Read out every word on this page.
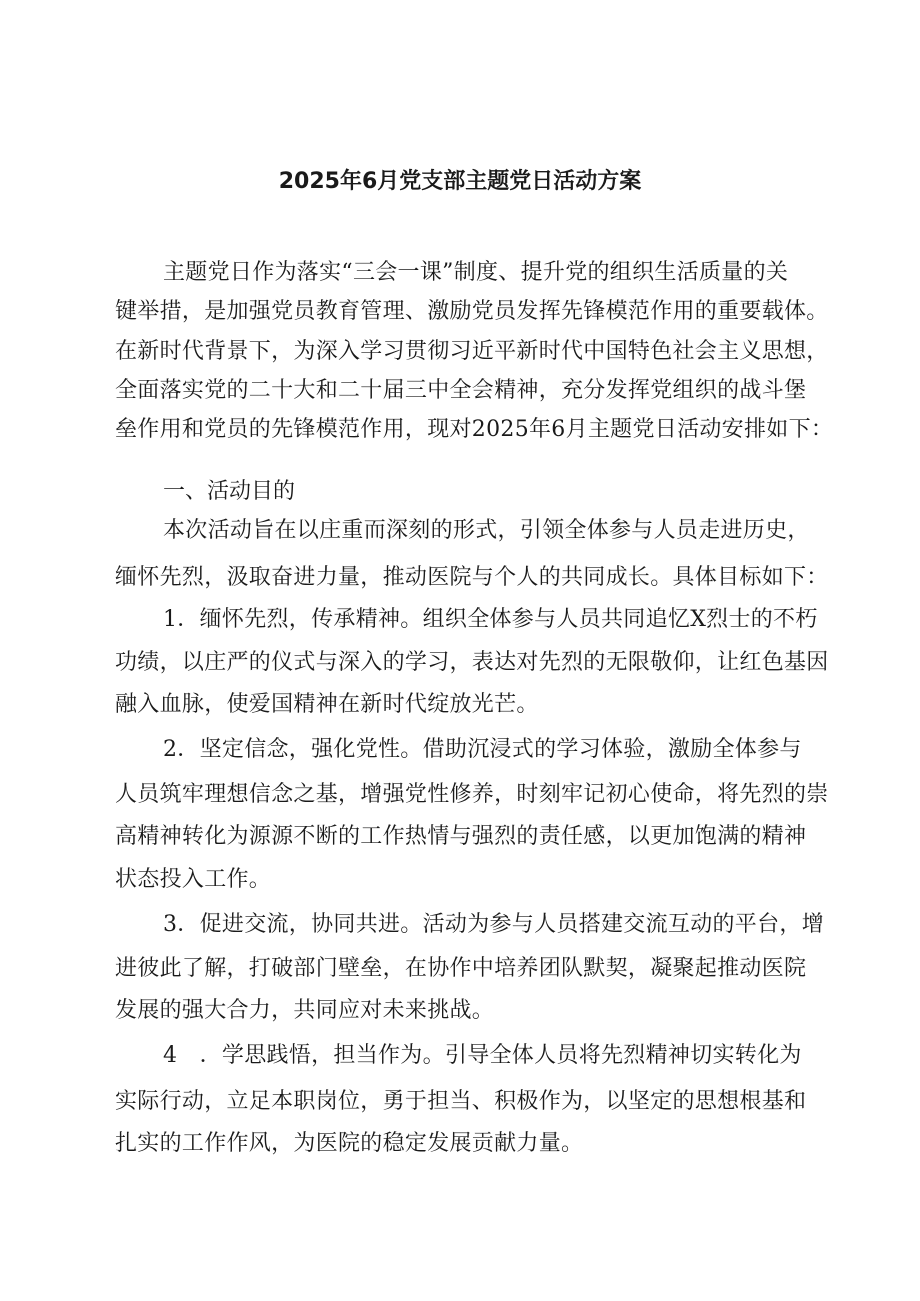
2025年6月党支部主题党日活动方案
主题党日作为落实“三会一课”制度、提升党的组织生活质量的关
键举措，是加强党员教育管理、激励党员发挥先锋模范作用的重要载体。
在新时代背景下，为深入学习贯彻习近平新时代中国特色社会主义思想，
全面落实党的二十大和二十届三中全会精神，充分发挥党组织的战斗堡
垒作用和党员的先锋模范作用，现对2025年6月主题党日活动安排如下：
一、活动目的
本次活动旨在以庄重而深刻的形式，引领全体参与人员走进历史，
缅怀先烈，汲取奋进力量，推动医院与个人的共同成长。具体目标如下：
1．缅怀先烈，传承精神。组织全体参与人员共同追忆X烈士的不朽
功绩，以庄严的仪式与深入的学习，表达对先烈的无限敬仰，让红色基因
融入血脉，使爱国精神在新时代绽放光芒。
2．坚定信念，强化党性。借助沉浸式的学习体验，激励全体参与
人员筑牢理想信念之基，增强党性修养，时刻牢记初心使命，将先烈的崇
高精神转化为源源不断的工作热情与强烈的责任感，以更加饱满的精神
状态投入工作。
3．促进交流，协同共进。活动为参与人员搭建交流互动的平台，增
进彼此了解，打破部门壁垒，在协作中培养团队默契，凝聚起推动医院
发展的强大合力，共同应对未来挑战。
4　．学思践悟，担当作为。引导全体人员将先烈精神切实转化为
实际行动，立足本职岗位，勇于担当、积极作为，以坚定的思想根基和
扎实的工作作风，为医院的稳定发展贡献力量。
